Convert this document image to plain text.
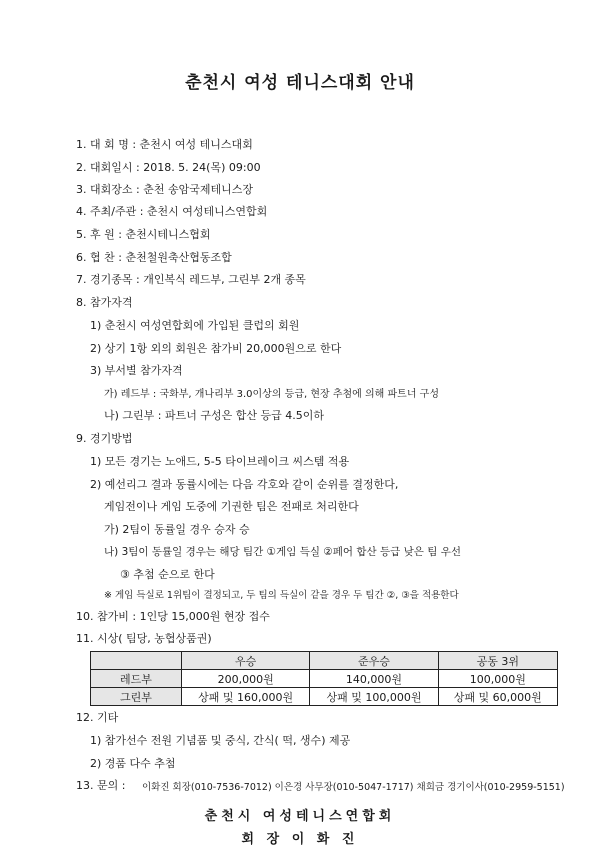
춘천시 여성 테니스대회 안내
1. 대 회 명 : 춘천시 여성 테니스대회
2. 대회일시 : 2018. 5. 24(목) 09:00
3. 대회장소 : 춘천 송암국제테니스장
4. 주최/주관 : 춘천시 여성테니스연합회
5. 후 원 : 춘천시테니스협회
6. 협 찬 : 춘천철원축산협동조합
7. 경기종목 : 개인복식 레드부, 그린부 2개 종목
8. 참가자격
1) 춘천시 여성연합회에 가입된 클럽의 회원
2) 상기 1항 외의 회원은 참가비 20,000원으로 한다
3) 부서별 참가자격
가) 레드부 : 국화부, 개나리부 3.0이상의 등급, 현장 추첨에 의해 파트너 구성
나) 그린부 : 파트너 구성은 합산 등급 4.5이하
9. 경기방법
1) 모든 경기는 노애드, 5-5 타이브레이크 씨스템 적용
2) 예선리그 결과 동률시에는 다음 각호와 같이 순위를 결정한다,
게임전이나 게임 도중에 기권한 팀은 전패로 처리한다
가) 2팀이 동률일 경우 승자 승
나) 3팀이 동률일 경우는 해당 팀간 ①게임 득실 ②페어 합산 등급 낮은 팀 우선
③ 추첨 순으로 한다
※ 게임 득실로 1위팀이 결정되고, 두 팀의 득실이 같을 경우 두 팀간 ②, ③을 적용한다
10. 참가비 : 1인당 15,000원 현장 접수
11. 시상( 팀당, 농협상품권)
	우승	준우승	공동 3위
레드부	200,000원	140,000원	100,000원
그린부	상패 및 160,000원	상패 및 100,000원	상패 및 60,000원
12. 기타
1) 참가선수 전원 기념품 및 중식, 간식( 떡, 생수) 제공
2) 경품 다수 추첨
13. 문의 : 이화진 회장(010-7536-7012) 이은경 사무장(010-5047-1717) 채희금 경기이사(010-2959-5151)
춘천시 여성테니스연합회
회 장 이 화 진
